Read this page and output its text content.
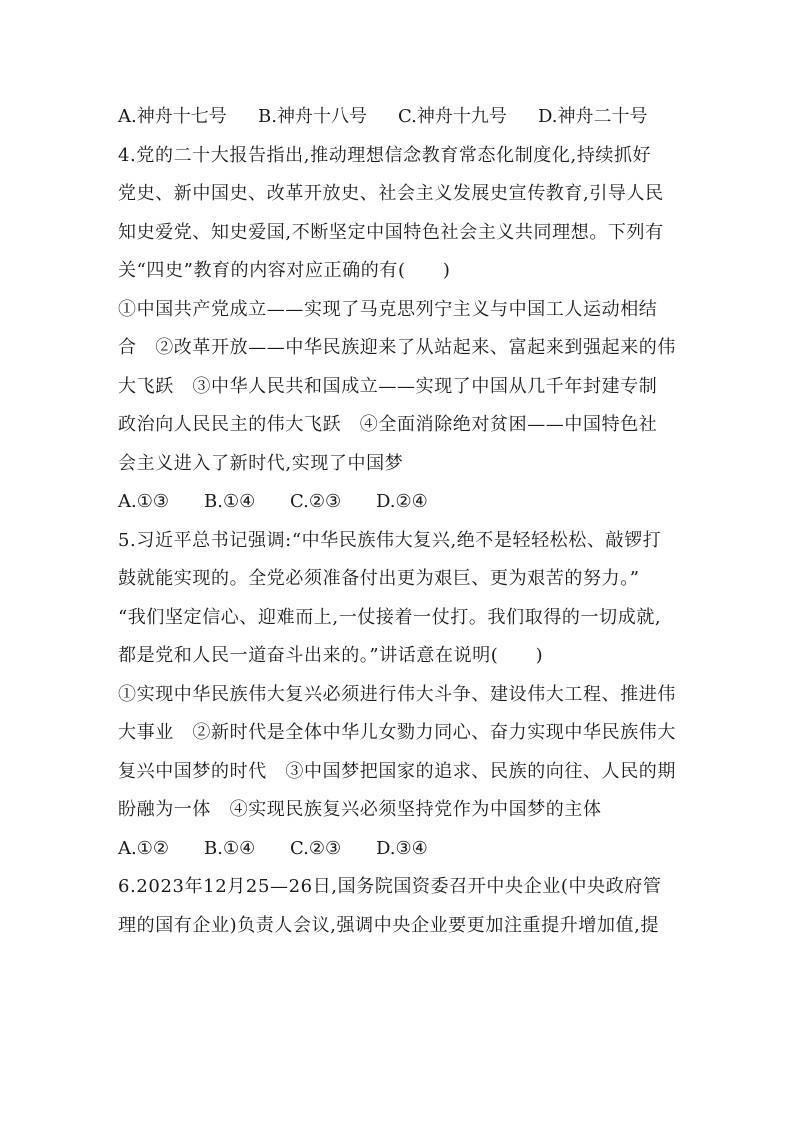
A.神舟十七号	B.神舟十八号	C.神舟十九号	D.神舟二十号
4.党的二十大报告指出,推动理想信念教育常态化制度化,持续抓好
党史、新中国史、改革开放史、社会主义发展史宣传教育,引导人民
知史爱党、知史爱国,不断坚定中国特色社会主义共同理想。下列有
关“四史”教育的内容对应正确的有(　　)
①中国共产党成立——实现了马克思列宁主义与中国工人运动相结
合　②改革开放——中华民族迎来了从站起来、富起来到强起来的伟
大飞跃　③中华人民共和国成立——实现了中国从几千年封建专制
政治向人民民主的伟大飞跃　④全面消除绝对贫困——中国特色社
会主义进入了新时代,实现了中国梦
A.①③	B.①④	C.②③	D.②④
5.习近平总书记强调:“中华民族伟大复兴,绝不是轻轻松松、敲锣打
鼓就能实现的。全党必须准备付出更为艰巨、更为艰苦的努力。”
“我们坚定信心、迎难而上,一仗接着一仗打。我们取得的一切成就,
都是党和人民一道奋斗出来的。”讲话意在说明(　　)
①实现中华民族伟大复兴必须进行伟大斗争、建设伟大工程、推进伟
大事业　②新时代是全体中华儿女勠力同心、奋力实现中华民族伟大
复兴中国梦的时代　③中国梦把国家的追求、民族的向往、人民的期
盼融为一体　④实现民族复兴必须坚持党作为中国梦的主体
A.①②	B.①④	C.②③	D.③④
6.2023年12月25—26日,国务院国资委召开中央企业(中央政府管
理的国有企业)负责人会议,强调中央企业要更加注重提升增加值,提
